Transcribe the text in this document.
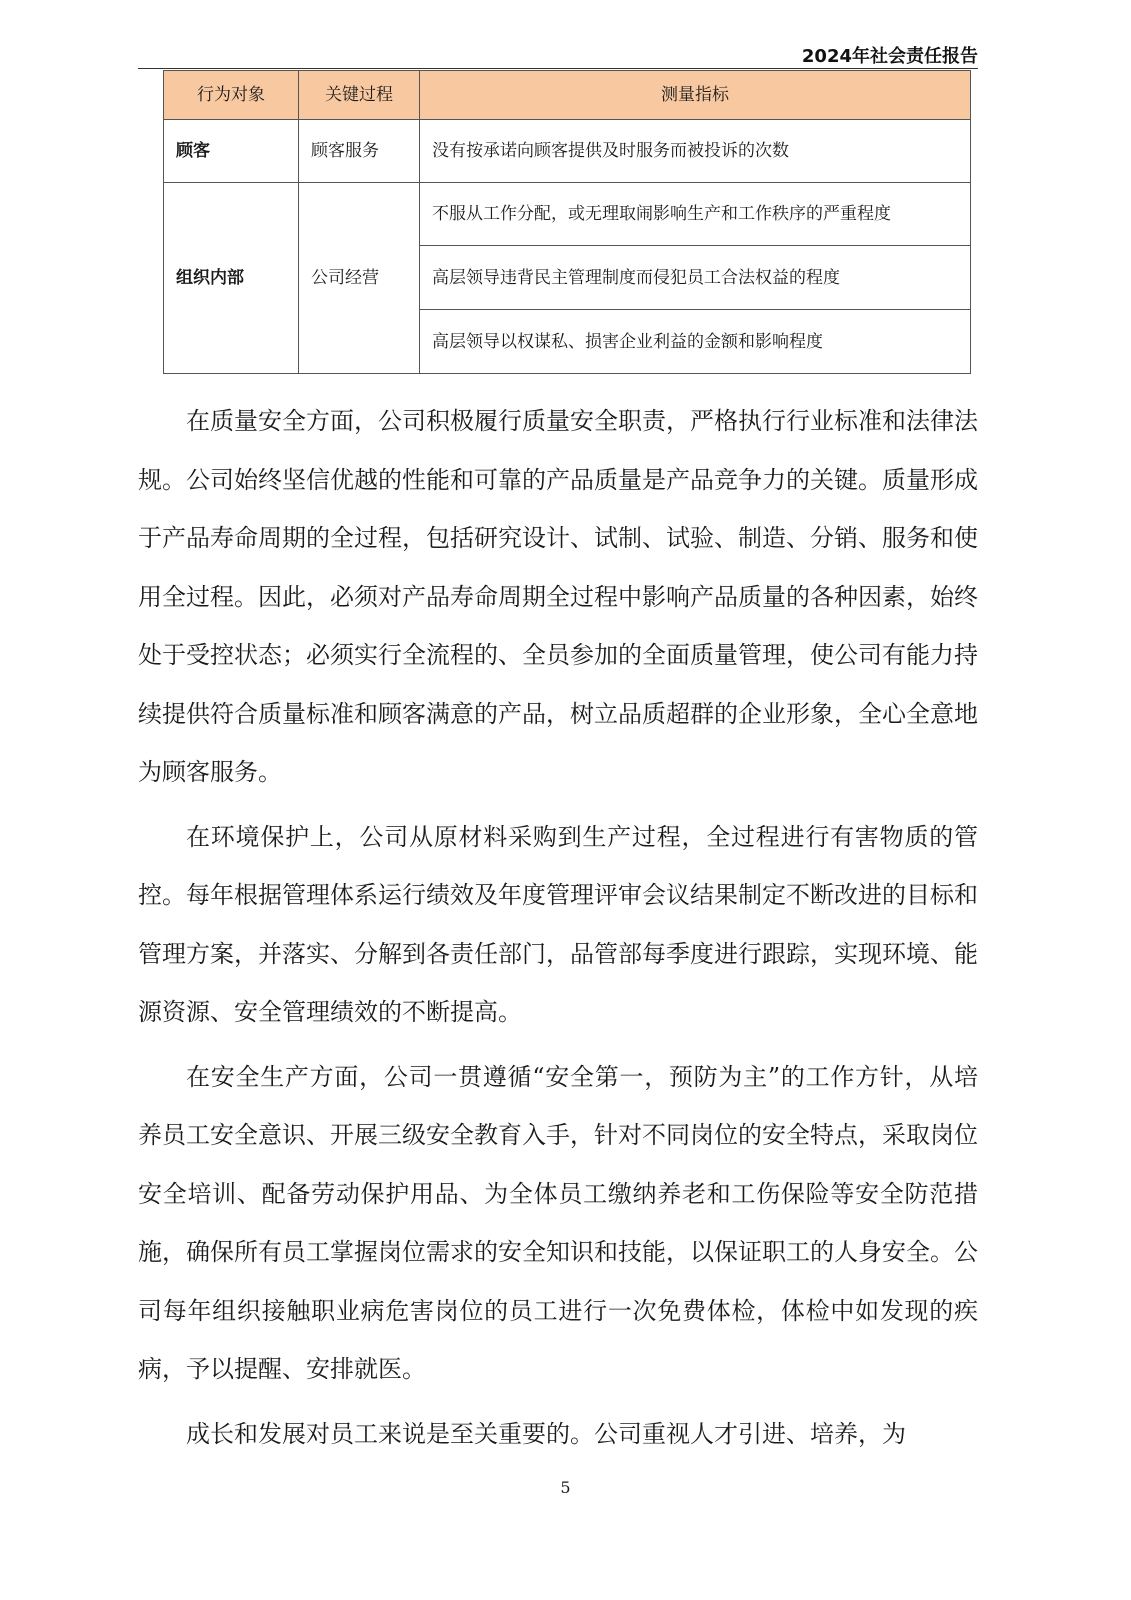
2024年社会责任报告
行为对象	关键过程	测量指标
顾客	顾客服务	没有按承诺向顾客提供及时服务而被投诉的次数
组织内部	公司经营	不服从工作分配，或无理取闹影响生产和工作秩序的严重程度
		高层领导违背民主管理制度而侵犯员工合法权益的程度
		高层领导以权谋私、损害企业利益的金额和影响程度

在质量安全方面，公司积极履行质量安全职责，严格执行行业标准和法律法规。公司始终坚信优越的性能和可靠的产品质量是产品竞争力的关键。质量形成于产品寿命周期的全过程，包括研究设计、试制、试验、制造、分销、服务和使用全过程。因此，必须对产品寿命周期全过程中影响产品质量的各种因素，始终处于受控状态；必须实行全流程的、全员参加的全面质量管理，使公司有能力持续提供符合质量标准和顾客满意的产品，树立品质超群的企业形象，全心全意地为顾客服务。

在环境保护上，公司从原材料采购到生产过程，全过程进行有害物质的管控。每年根据管理体系运行绩效及年度管理评审会议结果制定不断改进的目标和管理方案，并落实、分解到各责任部门，品管部每季度进行跟踪，实现环境、能源资源、安全管理绩效的不断提高。

在安全生产方面，公司一贯遵循“安全第一，预防为主”的工作方针，从培养员工安全意识、开展三级安全教育入手，针对不同岗位的安全特点，采取岗位安全培训、配备劳动保护用品、为全体员工缴纳养老和工伤保险等安全防范措施，确保所有员工掌握岗位需求的安全知识和技能，以保证职工的人身安全。公司每年组织接触职业病危害岗位的员工进行一次免费体检，体检中如发现的疾病，予以提醒、安排就医。

成长和发展对员工来说是至关重要的。公司重视人才引进、培养，为

5
